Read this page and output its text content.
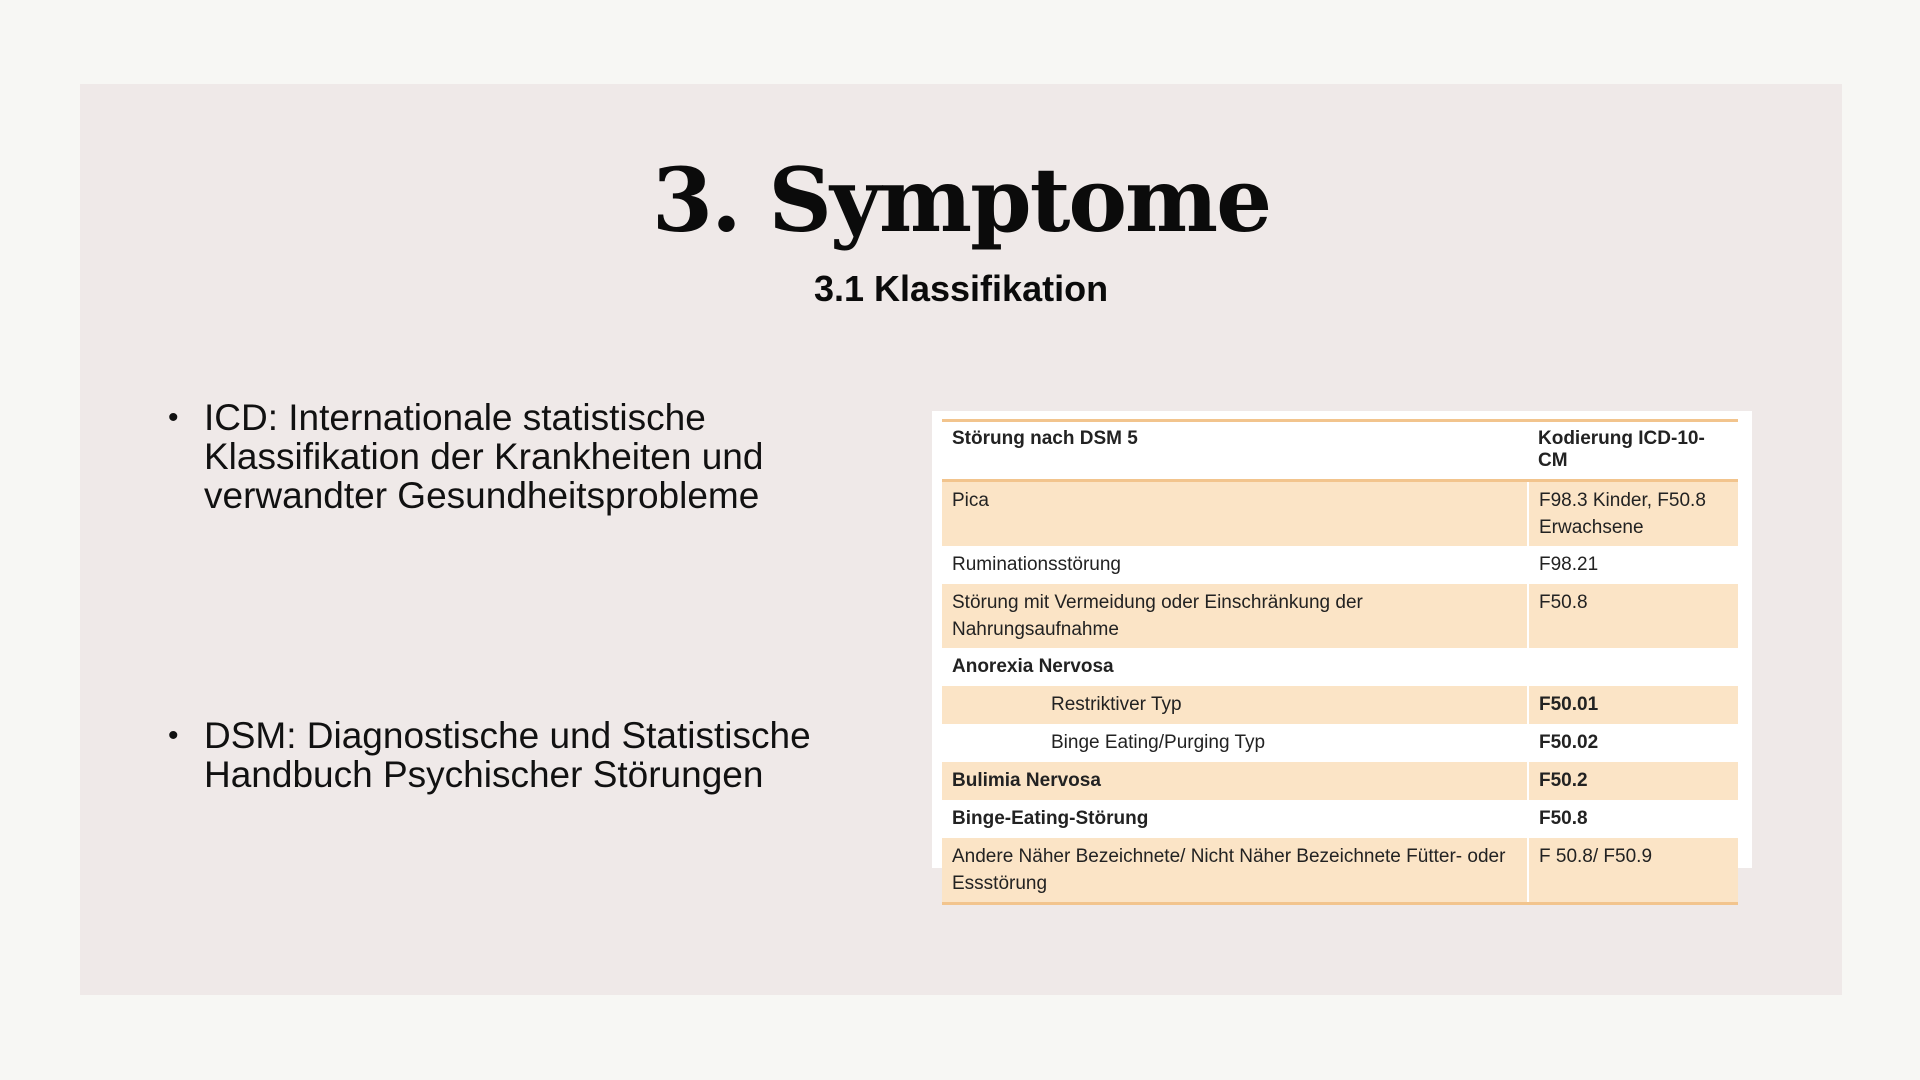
3. Symptome
3.1 Klassifikation
• ICD: Internationale statistische Klassifikation der Krankheiten und verwandter Gesundheitsprobleme
• DSM: Diagnostische und Statistische Handbuch Psychischer Störungen
Störung nach DSM 5	Kodierung ICD-10-CM
Pica	F98.3 Kinder, F50.8 Erwachsene
Ruminationsstörung	F98.21
Störung mit Vermeidung oder Einschränkung der Nahrungsaufnahme	F50.8
Anorexia Nervosa	
Restriktiver Typ	F50.01
Binge Eating/Purging Typ	F50.02
Bulimia Nervosa	F50.2
Binge-Eating-Störung	F50.8
Andere Näher Bezeichnete/ Nicht Näher Bezeichnete Fütter- oder Essstörung	F 50.8/ F50.9
